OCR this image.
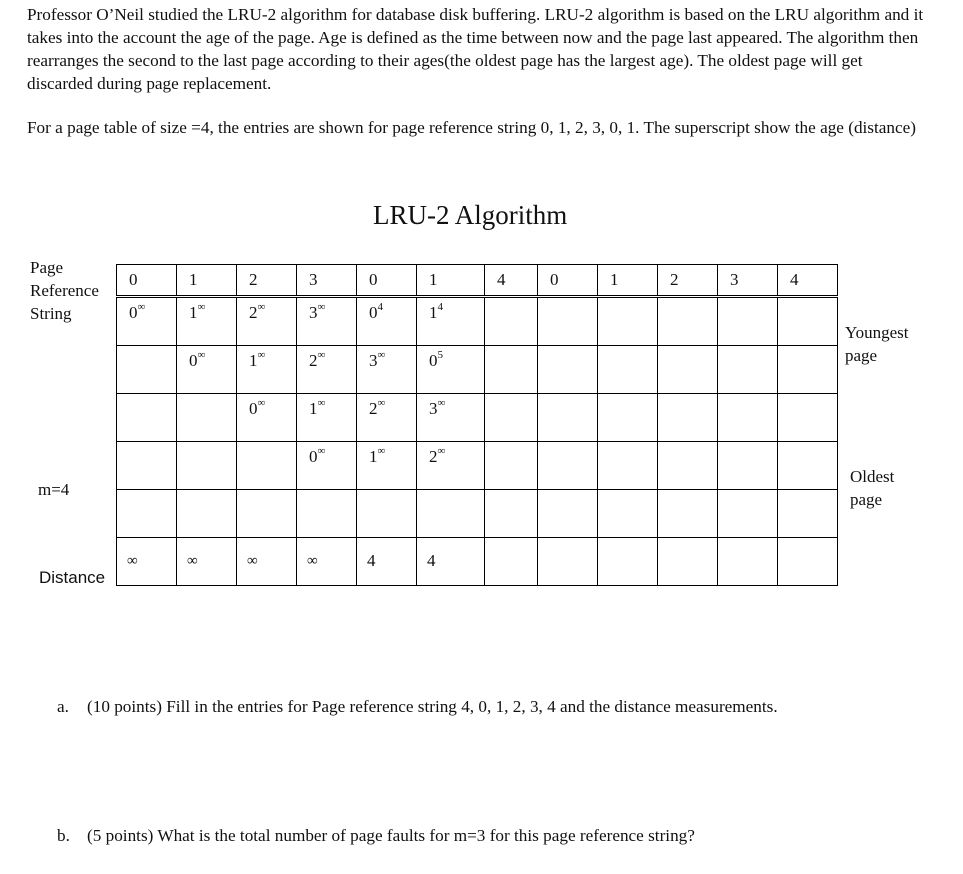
Professor O’Neil studied the LRU-2 algorithm for database disk buffering. LRU-2 algorithm is based on the LRU algorithm and it takes into the account the age of the page. Age is defined as the time between now and the page last appeared. The algorithm then rearranges the second to the last page according to their ages(the oldest page has the largest age). The oldest page will get discarded during page replacement.
For a page table of size =4, the entries are shown for page reference string 0, 1, 2, 3, 0, 1. The superscript show the age (distance)
LRU-2 Algorithm
Page
Reference
String
m=4
Distance
Youngest
page
Oldest
page
0	1	2	3	0	1	4	0	1	2	3	4

0∞	1∞	2∞	3∞	$0^4$	$1^4$

	0∞	1∞	2∞	3∞	$0^5$

		0∞	1∞	2∞	3∞

			0∞	1∞	2∞

∞	∞	∞	∞	4	4						

a. (10 points) Fill in the entries for Page reference string 4, 0, 1, 2, 3, 4 and the distance measurements.
b. (5 points) What is the total number of page faults for m=3 for this page reference string?
